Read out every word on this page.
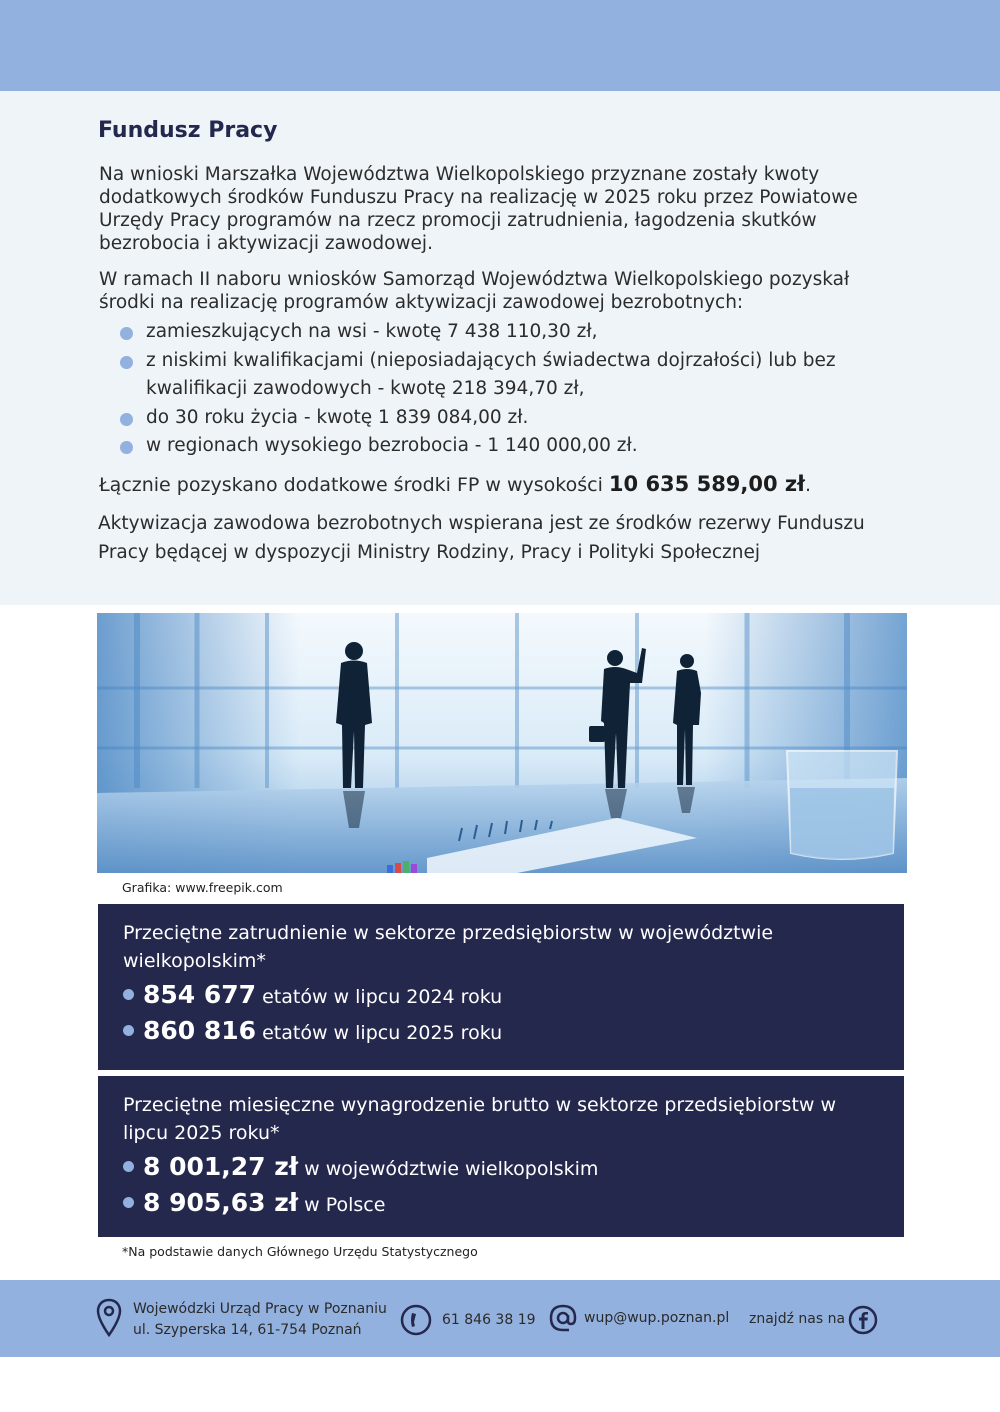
Fundusz Pracy
Na wnioski Marszałka Województwa Wielkopolskiego przyznane zostały kwoty dodatkowych środków Funduszu Pracy na realizację w 2025 roku przez Powiatowe Urzędy Pracy programów na rzecz promocji zatrudnienia, łagodzenia skutków bezrobocia i aktywizacji zawodowej.
W ramach II naboru wniosków Samorząd Województwa Wielkopolskiego pozyskał środki na realizację programów aktywizacji zawodowej bezrobotnych:
zamieszkujących na wsi - kwotę 7 438 110,30 zł,
z niskimi kwalifikacjami (nieposiadających świadectwa dojrzałości) lub bez kwalifikacji zawodowych - kwotę 218 394,70 zł,
do 30 roku życia - kwotę 1 839 084,00 zł.
w regionach wysokiego bezrobocia - 1 140 000,00 zł.
Łącznie pozyskano dodatkowe środki FP w wysokości 10 635 589,00 zł.
Aktywizacja zawodowa bezrobotnych wspierana jest ze środków rezerwy Funduszu Pracy będącej w dyspozycji Ministry Rodziny, Pracy i Polityki Społecznej
Grafika: www.freepik.com
Przeciętne zatrudnienie w sektorze przedsiębiorstw w województwie wielkopolskim*
854 677 etatów w lipcu 2024 roku
860 816 etatów w lipcu 2025 roku
Przeciętne miesięczne wynagrodzenie brutto w sektorze przedsiębiorstw w lipcu 2025 roku*
8 001,27 zł w województwie wielkopolskim
8 905,63 zł w Polsce
*Na podstawie danych Głównego Urzędu Statystycznego
Wojewódzki Urząd Pracy w Poznaniu
ul. Szyperska 14, 61-754 Poznań
61 846 38 19	wup@wup.poznan.pl znajdź nas na
